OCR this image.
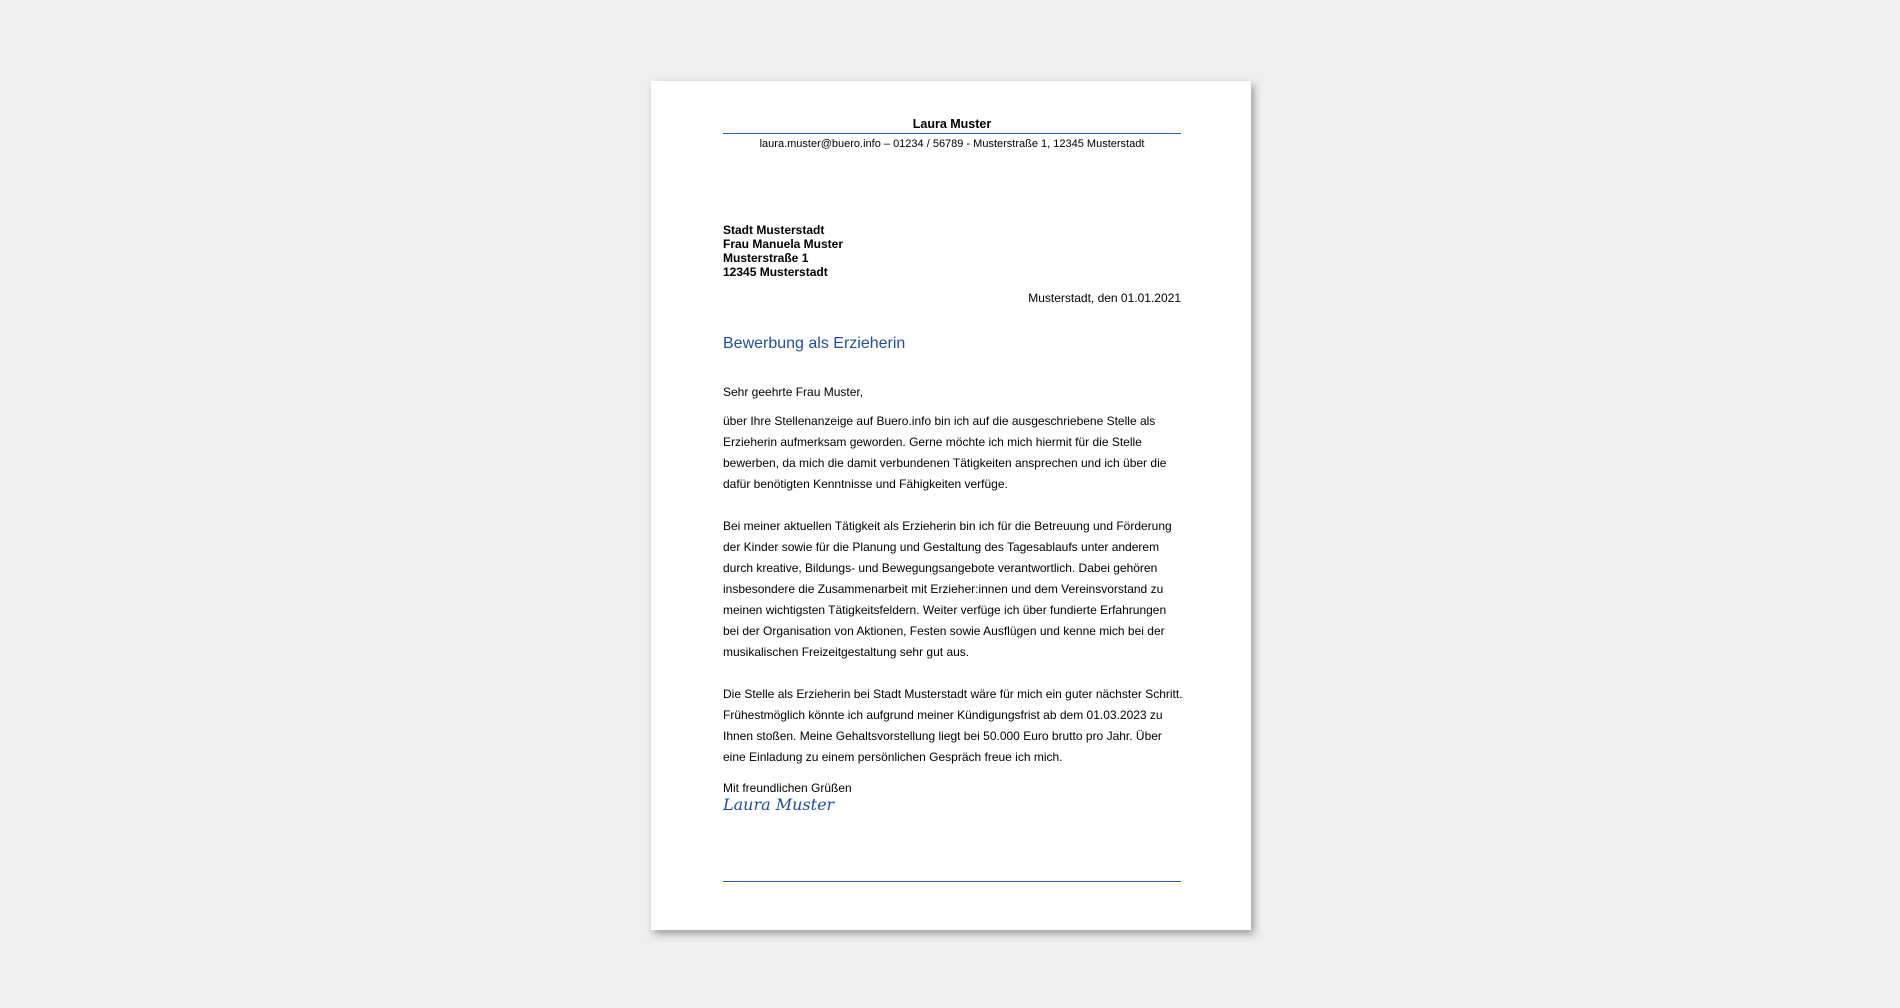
Laura Muster
laura.muster@buero.info – 01234 / 56789 - Musterstraße 1, 12345 Musterstadt
Stadt Musterstadt
Frau Manuela Muster
Musterstraße 1
12345 Musterstadt
Musterstadt, den 01.01.2021
Bewerbung als Erzieherin
Sehr geehrte Frau Muster,

über Ihre Stellenanzeige auf Buero.info bin ich auf die ausgeschriebene Stelle als Erzieherin aufmerksam geworden. Gerne möchte ich mich hiermit für die Stelle bewerben, da mich die damit verbundenen Tätigkeiten ansprechen und ich über die dafür benötigten Kenntnisse und Fähigkeiten verfüge.

Bei meiner aktuellen Tätigkeit als Erzieherin bin ich für die Betreuung und Förderung der Kinder sowie für die Planung und Gestaltung des Tagesablaufs unter anderem durch kreative, Bildungs- und Bewegungsangebote verantwortlich. Dabei gehören insbesondere die Zusammenarbeit mit Erzieher:innen und dem Vereinsvorstand zu meinen wichtigsten Tätigkeitsfeldern. Weiter verfüge ich über fundierte Erfahrungen bei der Organisation von Aktionen, Festen sowie Ausflügen und kenne mich bei der musikalischen Freizeitgestaltung sehr gut aus.

Die Stelle als Erzieherin bei Stadt Musterstadt wäre für mich ein guter nächster Schritt. Frühestmöglich könnte ich aufgrund meiner Kündigungsfrist ab dem 01.03.2023 zu Ihnen stoßen. Meine Gehaltsvorstellung liegt bei 50.000 Euro brutto pro Jahr. Über eine Einladung zu einem persönlichen Gespräch freue ich mich.

Mit freundlichen Grüßen
Laura Muster
